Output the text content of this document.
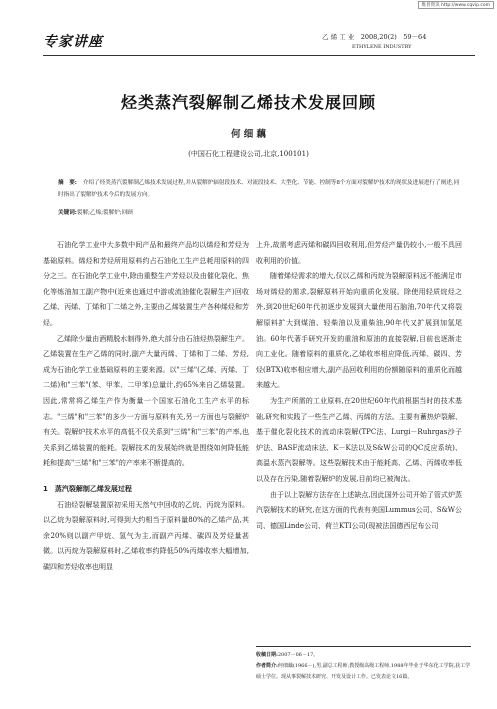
维普资讯 http://www.cqvip.com
专家讲座	乙 烯 工 业　2008,20(2)　59－64
ETHYLENE INDUSTRY
烃类蒸汽裂解制乙烯技术发展回顾
何 细 藕
(中国石化工程建设公司,北京,100101)
摘　要: 介绍了烃类蒸汽裂解制乙烯技术发展过程,并从裂解炉辐射段技术、对流段技术、大型化、节能、控制等8个方面对裂解炉技术的现状及进展进行了阐述,同时指出了裂解炉技术今后的发展方向。
关键词:裂解;乙烯;裂解炉;回顾

石油化学工业中大多数中间产品和最终产品均以烯烃和芳烃为基础原料。烯烃和芳烃所用原料约占石油化工生产总耗用原料的四分之三。在石油化学工业中,除由重整生产芳烃以及由催化裂化、焦化等炼油加工副产物中(近来也通过中游或流油催化裂解生产)回收乙烯、丙烯、丁烯和丁二烯之外,主要由乙烯装置生产各种烯烃和芳烃。

乙烯除少量由酒精脱水制得外,绝大部分由石油烃热裂解生产。乙烯装置在生产乙烯的同时,副产大量丙烯、丁烯和丁二烯、芳烃,成为石油化学工业基础原料的主要来源。以"三烯"(乙烯、丙烯、丁二烯)和"三苯"(苯、甲苯、二甲苯)总量计,约65%来自乙烯装置。因此,常常将乙烯生产作为衡量一个国家石油化工生产水平的标志。"三烯"和"三苯"的多少一方面与原料有关,另一方面也与裂解炉有关。裂解炉技术水平的高低不仅关系到"三烯"和"三苯"的产率,也关系到乙烯装置的能耗。裂解技术的发展始终就是围绕如何降低能耗和提高"三烯"和"三苯"的产率来不断提高的。

1　蒸汽裂解制乙烯发展过程

石油烃裂解装置原初采用天然气中回收的乙烷、丙烷为原料。以乙烷为裂解原料时,可得到大约相当于原料量80%的乙烯产品,其余20%则以副产甲烷、氢气为主,而副产丙烯、碳四及芳烃量甚微。以丙烷为裂解原料时,乙烯收率约降低50%丙烯收率大幅增加,碳四和芳烃收率也明显

上升,故需考虑丙烯和碳四回收利用,但芳烃产量仍较小,一般不具回收利用的价值。

随着烯烃需求的增大,仅以乙烯和丙烷为裂解原料远不能满足市场对烯烃的需求,裂解原料开始向重质化发展。除使用轻质烷烃之外,到20世纪60年代初逐步发展到大量使用石脑油,70年代又将裂解原料扩大到煤油、轻柴油以及重柴油,90年代又扩展到加氢尾油。60年代著手研究开发的重油和原油的直接裂解,目前也逐渐走向工业化。随着原料的重质化,乙烯收率相应降低,丙烯、碳四、芳烃(BTX)收率相应增大,副产品回收利用的份额随原料的重质化而越来越大。

为生产所需的工业原料,在20世纪60年代前根据当时的技术基础,研究和实践了一些生产乙烯、丙烯的方法。主要有蓄热炉裂解、基于催化裂化技术的流动床裂解(TPC法、Lurgi－Ruhrgas沙子炉法、BASF流动床法、K－K法以及S&W公司的QC反应系统)、高温水蒸汽裂解等。这些裂解技术由于能耗高、乙烯、丙烯收率低以及存在污染,随着裂解炉的发展,目前均已被淘汰。

由于以上裂解方法存在上述缺点,因此国外公司开始了管式炉蒸汽裂解技术的研究,在这方面的代表有美国Lummus公司、S&W公司、德国Linde公司、荷兰KTI公司(现被法国德西尼布公司

收稿日期:2007－06－17。
作者简介:何细藕(1966－),男,副总工程师,教授级高级工程师,1988年毕业于华东化工学院,获工学硕士学位。现从事裂解技术研究、开发及设计工作。已发表论文16篇。
